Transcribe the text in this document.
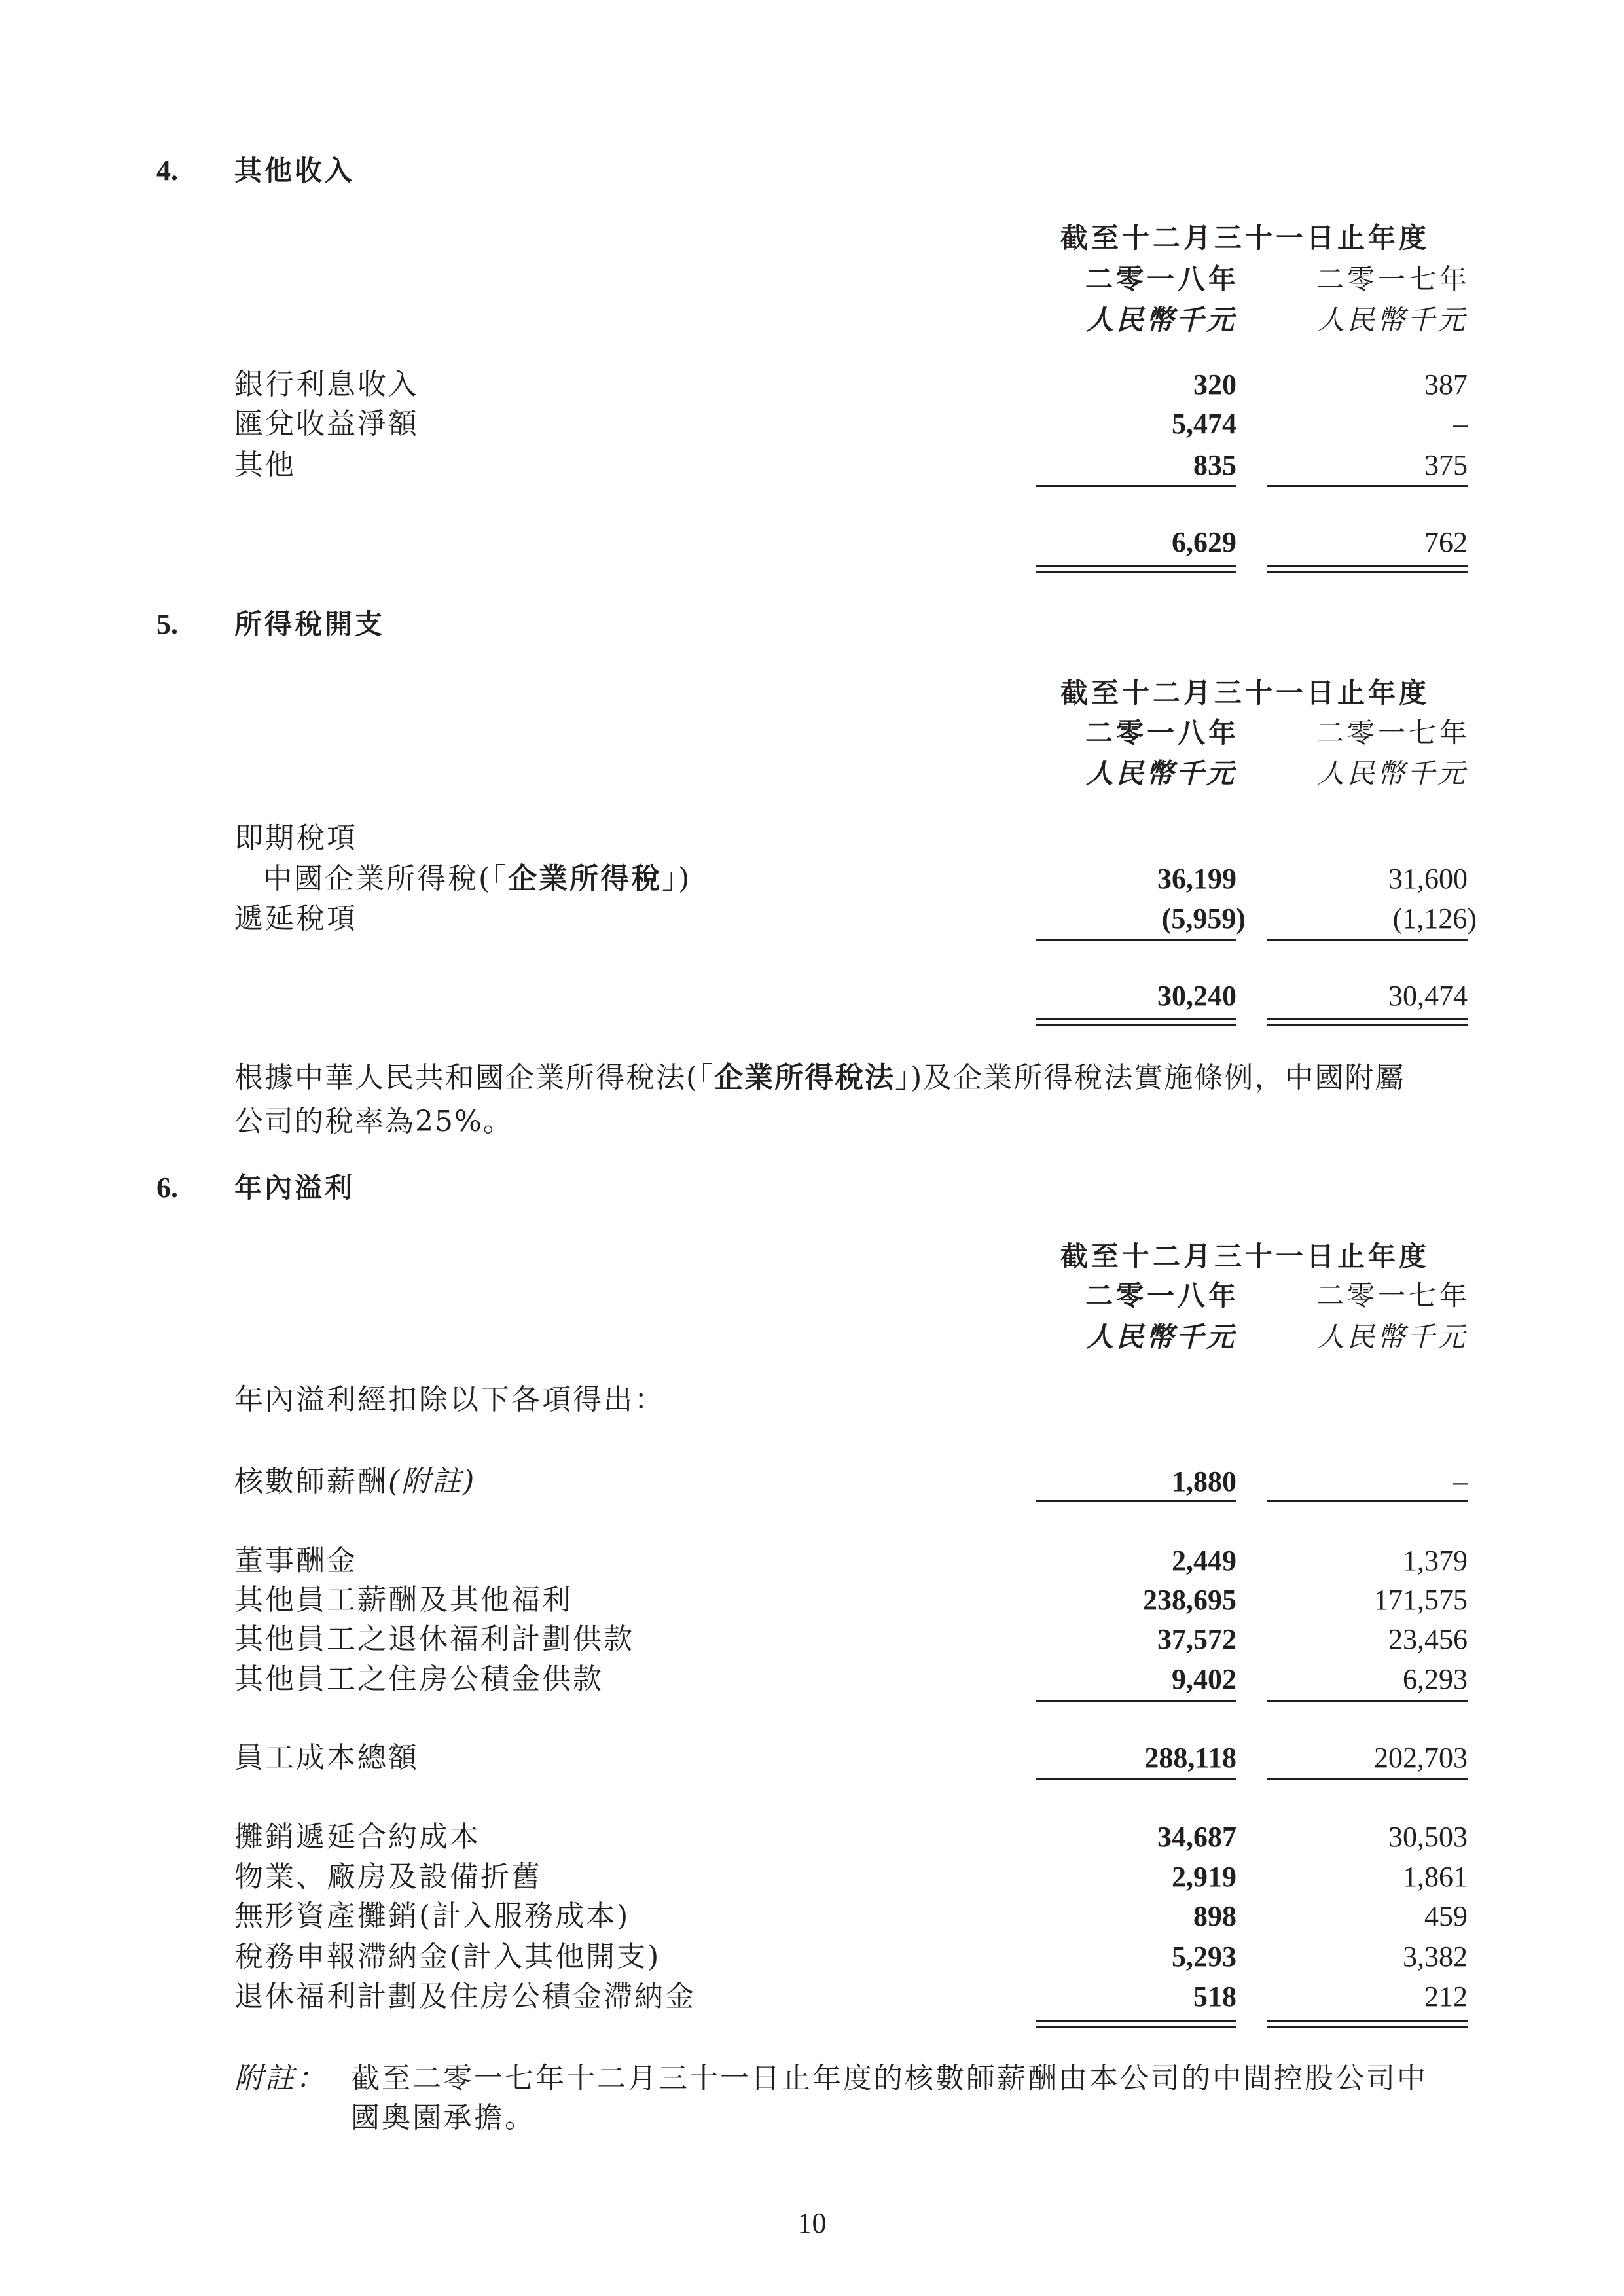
4. 其他收入
截至十二月三十一日止年度
二零一八年	二零一七年
人民幣千元	人民幣千元
銀行利息收入	320	387
匯兌收益淨額	5,474	–
其他	835	375
6,629	762
5. 所得稅開支
截至十二月三十一日止年度
二零一八年	二零一七年
人民幣千元	人民幣千元
即期稅項
中國企業所得稅(「企業所得稅」)	36,199	31,600
遞延稅項	(5,959)	(1,126)
30,240	30,474
根據中華人民共和國企業所得稅法(「企業所得稅法」)及企業所得稅法實施條例，中國附屬
公司的稅率為25%。
6. 年內溢利
截至十二月三十一日止年度
二零一八年	二零一七年
人民幣千元	人民幣千元
年內溢利經扣除以下各項得出：
核數師薪酬(附註)	1,880	–
董事酬金	2,449	1,379
其他員工薪酬及其他福利	238,695	171,575
其他員工之退休福利計劃供款	37,572	23,456
其他員工之住房公積金供款	9,402	6,293
員工成本總額	288,118	202,703
攤銷遞延合約成本	34,687	30,503
物業、廠房及設備折舊	2,919	1,861
無形資產攤銷(計入服務成本)	898	459
稅務申報滯納金(計入其他開支)	5,293	3,382
退休福利計劃及住房公積金滯納金	518	212
附註： 截至二零一七年十二月三十一日止年度的核數師薪酬由本公司的中間控股公司中
國奧園承擔。
10
